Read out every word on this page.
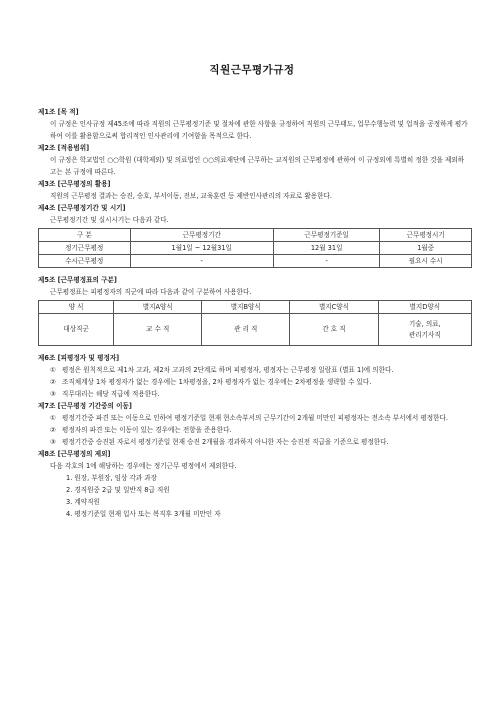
직원근무평가규정
제1조 [목 적]
이 규정은 인사규정 제45조에 따라 직원의 근무평정기준 및 절차에 관한 사항을 규정하여 직원의 근무태도, 업무수행능력 및 업적을 공정하게 평가하여 이를 활용함으로써 합리적인 인사관리에 기여함을 목적으로 한다.
제2조 [적용범위]
이 규정은 학교법인 ○○학원 (대학제외) 및 의료법인 ○○의료재단에 근무하는 교직원의 근무평정에 관하여 이 규정외에 특별히 정한 것을 제외하고는 본 규정에 따른다.
제3조 [근무평정의 활용]
직원의 근무평정 결과는 승진, 승호, 부서이동, 전보, 교육훈련 등 제반인사관리의 자료로 활용한다.
제4조 [근무평정기간 및 시기]
근무평정기간 및 실시시기는 다음과 같다.
구 분	근무평정기간	근무평정기준일	근무평정시기
정기근무평정	1월1일 ~ 12월31일	12월 31일	1월중
수시근무평정	-	-	필요시 수시
제5조 [근무평정표의 구분]
근무평정표는 피평정자의 직군에 따라 다음과 같이 구분하여 사용한다.
양 식	별지A양식	별지B양식	별지C양식	별지D양식
대상직군	교 수 직	관 리 직	간 호 직	기술, 의료,
관리기사직
제6조 [피평정자 및 평정자]
① 평정은 원칙적으로 제1차 고과, 제2차 고과의 2단계로 하며 피평정자, 평정자는 근무평정 일람표 (별표 1)에 의한다.
② 조직체계상 1차 평정자가 없는 경우에는 1차평정을, 2차 평정자가 없는 경우에는 2차평정을 생략할 수 있다.
③ 직무대리는 해당 직급에 적용한다.
제7조 [근무평정 기간중의 이동]
① 평정기간중 파견 또는 이동으로 인하여 평정기준일 현재 현소속부서의 근무기간이 2개월 미만인 피평정자는 전소속 부서에서 평정한다.
② 평정자의 파견 또는 이동이 있는 경우에는 전항을 준용한다.
③ 평정기간중 승진된 자로서 평정기준일 현재 승진 2개월을 경과하지 아니한 자는 승진전 직급을 기준으로 평정한다.
제8조 [근무평정의 제외]
다음 각호의 1에 해당하는 경우에는 정기근무 평정에서 제외한다.
1. 원장, 부원장, 임상 각과 과장
2. 경직원중 2급 및 일반직 8급 직원
3. 계약직원
4. 평정기준일 현재 입사 또는 복직후 3개월 미만인 자
